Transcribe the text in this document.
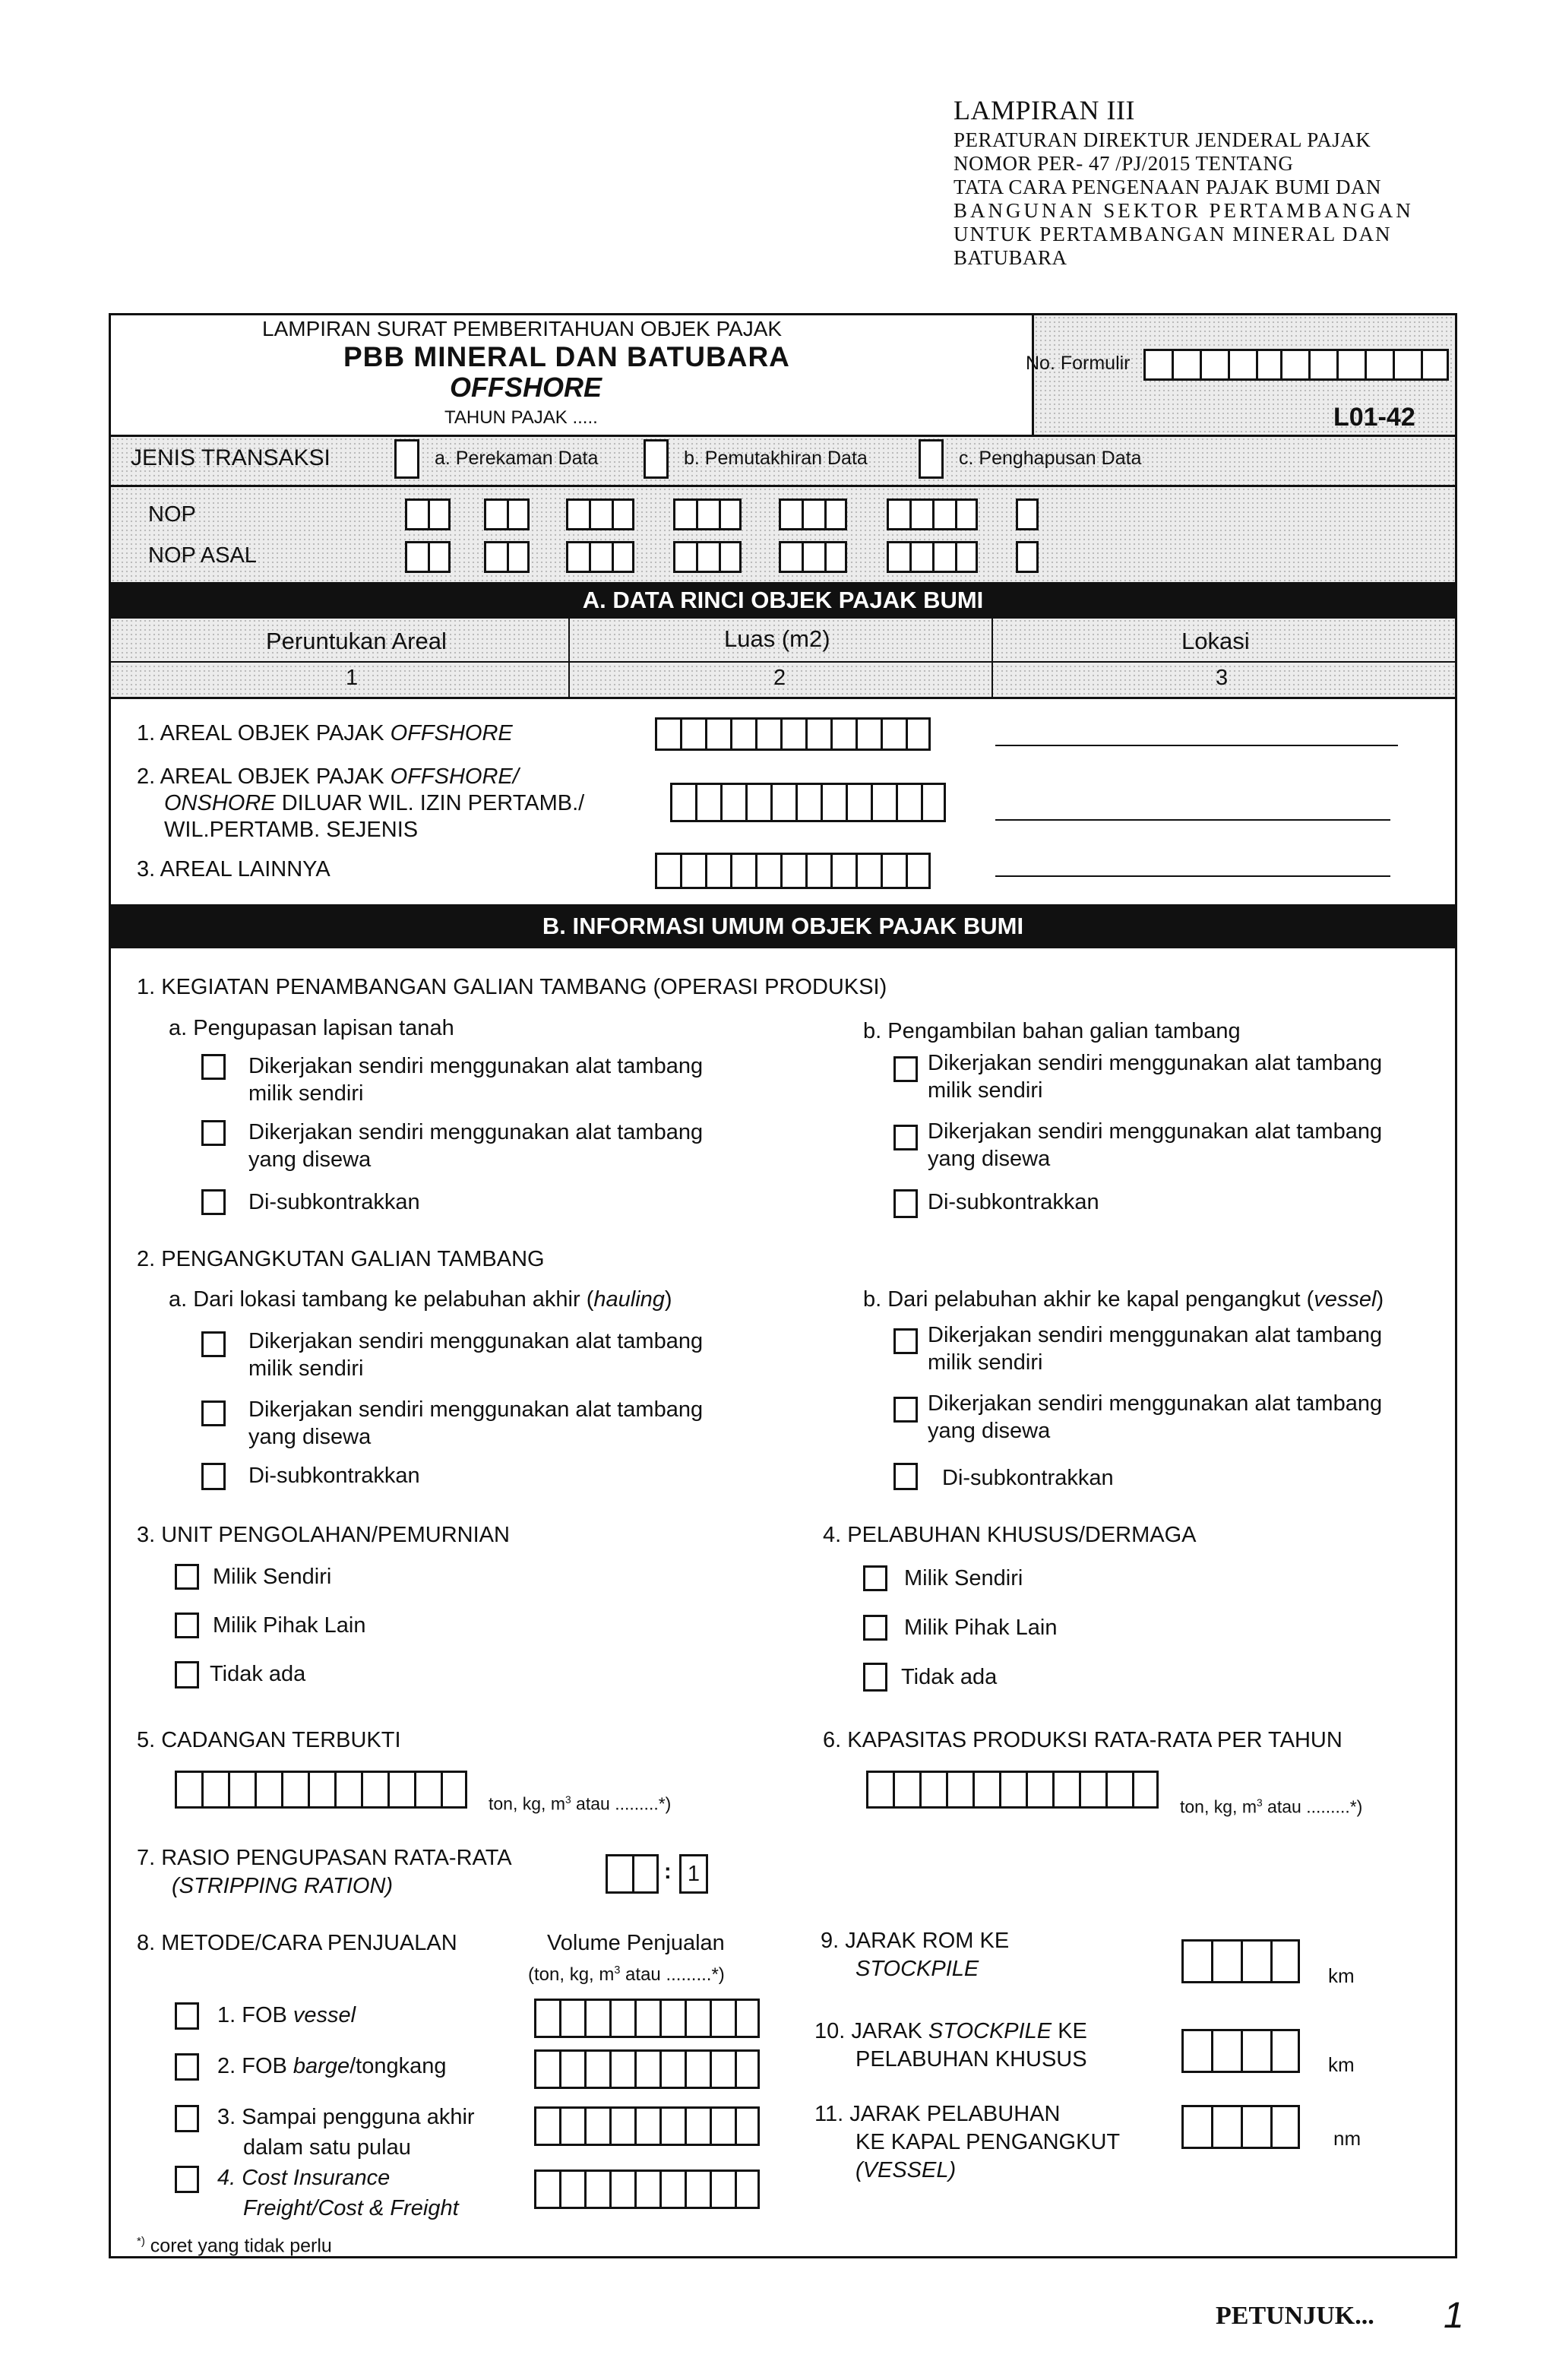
LAMPIRAN III
PERATURAN DIREKTUR JENDERAL PAJAK
NOMOR PER- 47 /PJ/2015 TENTANG
TATA CARA PENGENAAN PAJAK BUMI DAN
BANGUNAN SEKTOR PERTAMBANGAN
UNTUK PERTAMBANGAN MINERAL DAN
BATUBARA
LAMPIRAN SURAT PEMBERITAHUAN OBJEK PAJAK
PBB MINERAL DAN BATUBARA
OFFSHORE
TAHUN PAJAK .....
No. Formulir
L01-42
JENIS TRANSAKSI	a. Perekaman Data	b. Pemutakhiran Data	c. Penghapusan Data
NOP
NOP ASAL
A. DATA RINCI OBJEK PAJAK BUMI
Peruntukan Areal	Luas (m2)	Lokasi
1	2	3
1. AREAL OBJEK PAJAK OFFSHORE
2. AREAL OBJEK PAJAK OFFSHORE/
ONSHORE DILUAR WIL. IZIN PERTAMB./
WIL.PERTAMB. SEJENIS
3. AREAL LAINNYA
B. INFORMASI UMUM OBJEK PAJAK BUMI
1. KEGIATAN PENAMBANGAN GALIAN TAMBANG (OPERASI PRODUKSI)
a. Pengupasan lapisan tanah	b. Pengambilan bahan galian tambang
Dikerjakan sendiri menggunakan alat tambang
milik sendiri
Dikerjakan sendiri menggunakan alat tambang
yang disewa
Di-subkontrakkan
Dikerjakan sendiri menggunakan alat tambang
milik sendiri
Dikerjakan sendiri menggunakan alat tambang
yang disewa
Di-subkontrakkan
2. PENGANGKUTAN GALIAN TAMBANG
a. Dari lokasi tambang ke pelabuhan akhir (hauling)	b. Dari pelabuhan akhir ke kapal pengangkut (vessel)
Dikerjakan sendiri menggunakan alat tambang
milik sendiri
Dikerjakan sendiri menggunakan alat tambang
yang disewa
Di-subkontrakkan
Dikerjakan sendiri menggunakan alat tambang
milik sendiri
Dikerjakan sendiri menggunakan alat tambang
yang disewa
Di-subkontrakkan
3. UNIT PENGOLAHAN/PEMURNIAN
Milik Sendiri
Milik Pihak Lain
Tidak ada
4. PELABUHAN KHUSUS/DERMAGA
Milik Sendiri
Milik Pihak Lain
Tidak ada
5. CADANGAN TERBUKTI
ton, kg, $m^3$ atau .........*)
6. KAPASITAS PRODUKSI RATA-RATA PER TAHUN
ton, kg, $m^3$ atau .........*)
7. RASIO PENGUPASAN RATA-RATA
(STRIPPING RATION)
: 1
8. METODE/CARA PENJUALAN	Volume Penjualan
(ton, kg, $m^3$ atau .........*)
1. FOB vessel
2. FOB barge/tongkang
3. Sampai pengguna akhir
dalam satu pulau
4. Cost Insurance
Freight/Cost & Freight
*) coret yang tidak perlu
9. JARAK ROM KE
STOCKPILE	km
10. JARAK STOCKPILE KE
PELABUHAN KHUSUS	km
11. JARAK PELABUHAN
KE KAPAL PENGANGKUT
(VESSEL)
nm
PETUNJUK... 1
